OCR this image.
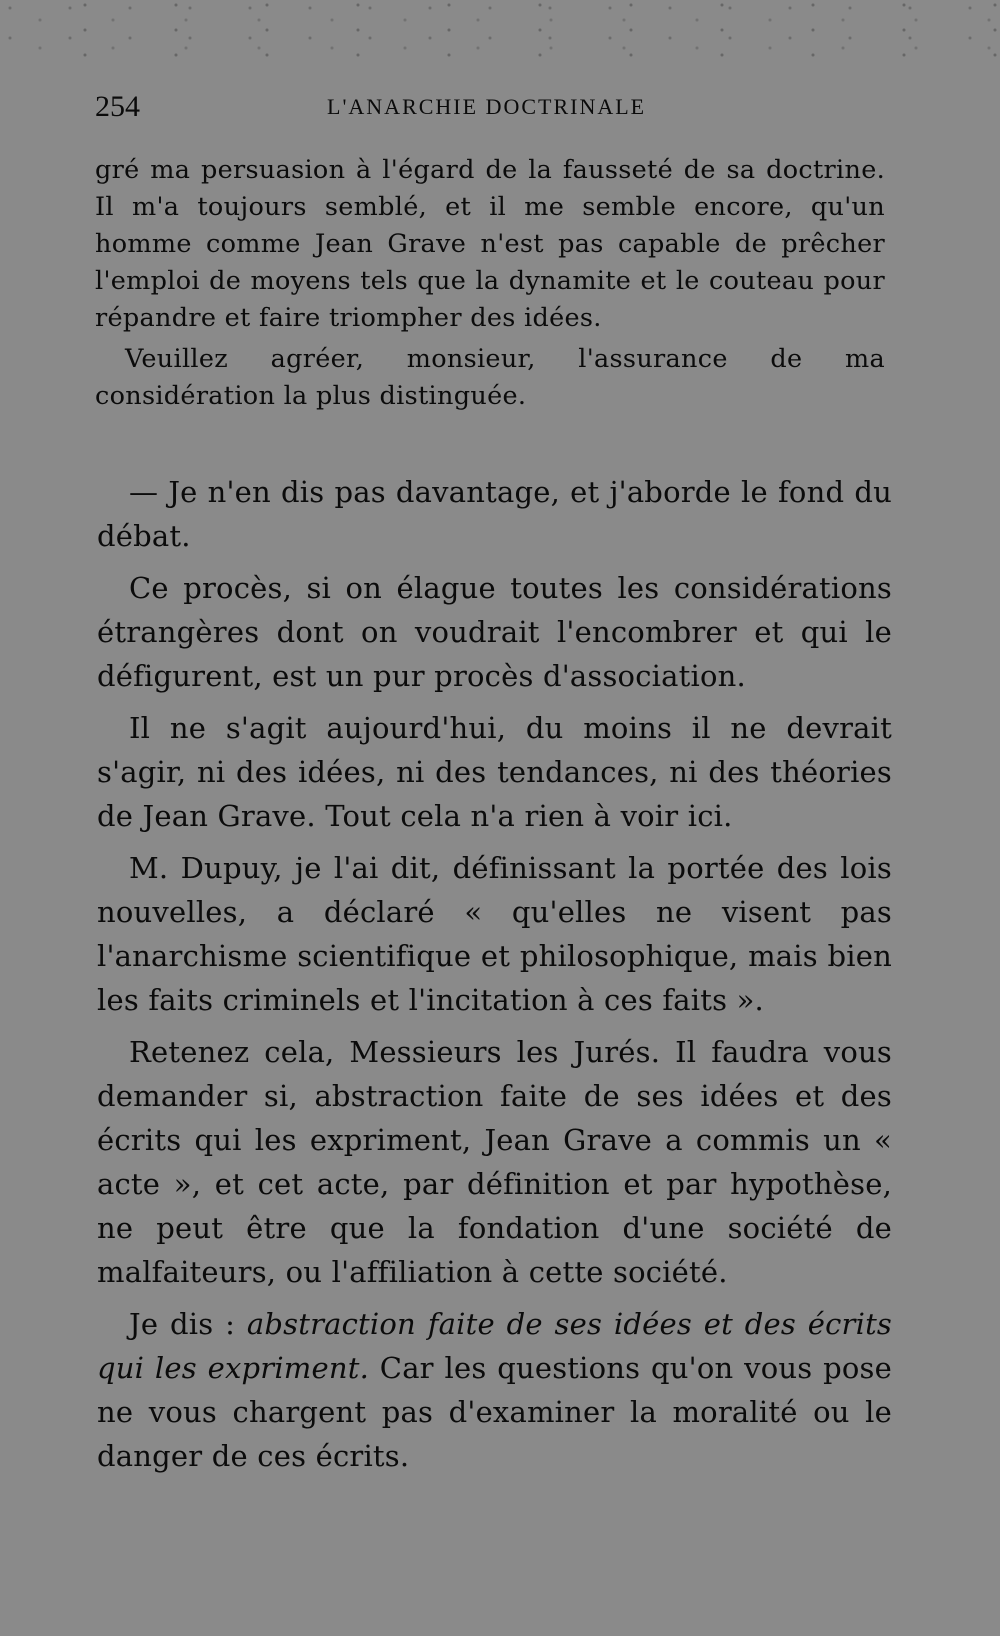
254	L'ANARCHIE DOCTRINALE

gré ma persuasion à l'égard de la fausseté de sa doctrine. Il m'a toujours semblé, et il me semble encore, qu'un homme comme Jean Grave n'est pas capable de prêcher l'emploi de moyens tels que la dynamite et le couteau pour répandre et faire triompher des idées.

Veuillez agréer, monsieur, l'assurance de ma considération la plus distinguée.

— Je n'en dis pas davantage, et j'aborde le fond du débat.

Ce procès, si on élague toutes les considérations étrangères dont on voudrait l'encombrer et qui le défigurent, est un pur procès d'association.

Il ne s'agit aujourd'hui, du moins il ne devrait s'agir, ni des idées, ni des tendances, ni des théories de Jean Grave. Tout cela n'a rien à voir ici.

M. Dupuy, je l'ai dit, définissant la portée des lois nouvelles, a déclaré « qu'elles ne visent pas l'anarchisme scientifique et philosophique, mais bien les faits criminels et l'incitation à ces faits ».

Retenez cela, Messieurs les Jurés. Il faudra vous demander si, abstraction faite de ses idées et des écrits qui les expriment, Jean Grave a commis un « acte », et cet acte, par définition et par hypothèse, ne peut être que la fondation d'une société de malfaiteurs, ou l'affiliation à cette société.

Je dis : abstraction faite de ses idées et des écrits qui les expriment. Car les questions qu'on vous pose ne vous chargent pas d'examiner la moralité ou le danger de ces écrits.
